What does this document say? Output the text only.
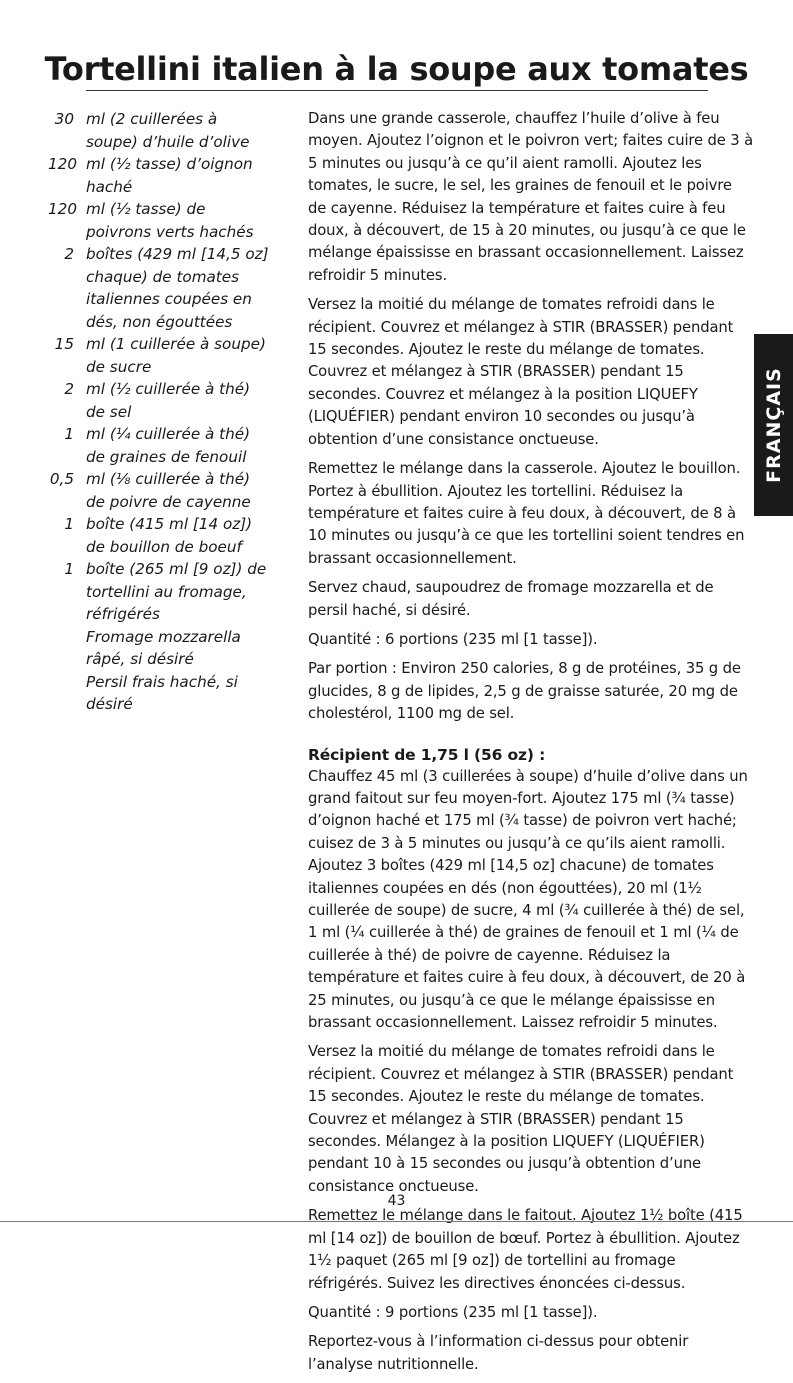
Tortellini italien à la soupe aux tomates
30 ml (2 cuillerées à soupe) d’huile d’olive
120 ml (½ tasse) d’oignon haché
120 ml (½ tasse) de poivrons verts hachés
2 boîtes (429 ml [14,5 oz] chaque) de tomates italiennes coupées en dés, non égouttées
15 ml (1 cuillerée à soupe) de sucre
2 ml (½ cuillerée à thé) de sel
1 ml (¼ cuillerée à thé) de graines de fenouil
0,5 ml (⅛ cuillerée à thé) de poivre de cayenne
1 boîte (415 ml [14 oz]) de bouillon de boeuf
1 boîte (265 ml [9 oz]) de tortellini au fromage, réfrigérés
Fromage mozzarella râpé, si désiré
Persil frais haché, si désiré

Dans une grande casserole, chauffez l’huile d’olive à feu moyen. Ajoutez l’oignon et le poivron vert; faites cuire de 3 à 5 minutes ou jusqu’à ce qu’il aient ramolli. Ajoutez les tomates, le sucre, le sel, les graines de fenouil et le poivre de cayenne. Réduisez la température et faites cuire à feu doux, à découvert, de 15 à 20 minutes, ou jusqu’à ce que le mélange épaississe en brassant occasionnellement. Laissez refroidir 5 minutes.

Versez la moitié du mélange de tomates refroidi dans le récipient. Couvrez et mélangez à STIR (BRASSER) pendant 15 secondes. Ajoutez le reste du mélange de tomates. Couvrez et mélangez à STIR (BRASSER) pendant 15 secondes. Couvrez et mélangez à la position LIQUEFY (LIQUÉFIER) pendant environ 10 secondes ou jusqu’à obtention d’une consistance onctueuse.

Remettez le mélange dans la casserole. Ajoutez le bouillon. Portez à ébullition. Ajoutez les tortellini. Réduisez la température et faites cuire à feu doux, à découvert, de 8 à 10 minutes ou jusqu’à ce que les tortellini soient tendres en brassant occasionnellement.

Servez chaud, saupoudrez de fromage mozzarella et de persil haché, si désiré.

Quantité : 6 portions (235 ml [1 tasse]).

Par portion : Environ 250 calories, 8 g de protéines, 35 g de glucides, 8 g de lipides, 2,5 g de graisse saturée, 20 mg de cholestérol, 1100 mg de sel.

Récipient de 1,75 l (56 oz) :

Chauffez 45 ml (3 cuillerées à soupe) d’huile d’olive dans un grand faitout sur feu moyen-fort. Ajoutez 175 ml (¾ tasse) d’oignon haché et 175 ml (¾ tasse) de poivron vert haché; cuisez de 3 à 5 minutes ou jusqu’à ce qu’ils aient ramolli. Ajoutez 3 boîtes (429 ml [14,5 oz] chacune) de tomates italiennes coupées en dés (non égouttées), 20 ml (1½ cuillerée de soupe) de sucre, 4 ml (¾ cuillerée à thé) de sel, 1 ml (¼ cuillerée à thé) de graines de fenouil et 1 ml (¼ de cuillerée à thé) de poivre de cayenne. Réduisez la température et faites cuire à feu doux, à découvert, de 20 à 25 minutes, ou jusqu’à ce que le mélange épaississe en brassant occasionnellement. Laissez refroidir 5 minutes.

Versez la moitié du mélange de tomates refroidi dans le récipient. Couvrez et mélangez à STIR (BRASSER) pendant 15 secondes. Ajoutez le reste du mélange de tomates. Couvrez et mélangez à STIR (BRASSER) pendant 15 secondes. Mélangez à la position LIQUEFY (LIQUÉFIER) pendant 10 à 15 secondes ou jusqu’à obtention d’une consistance onctueuse.

Remettez le mélange dans le faitout. Ajoutez 1½ boîte (415 ml [14 oz]) de bouillon de bœuf. Portez à ébullition. Ajoutez 1½ paquet (265 ml [9 oz]) de tortellini au fromage réfrigérés. Suivez les directives énoncées ci-dessus.

Quantité : 9 portions (235 ml [1 tasse]).

Reportez-vous à l’information ci-dessus pour obtenir l’analyse nutritionnelle.

FRANÇAIS
43
